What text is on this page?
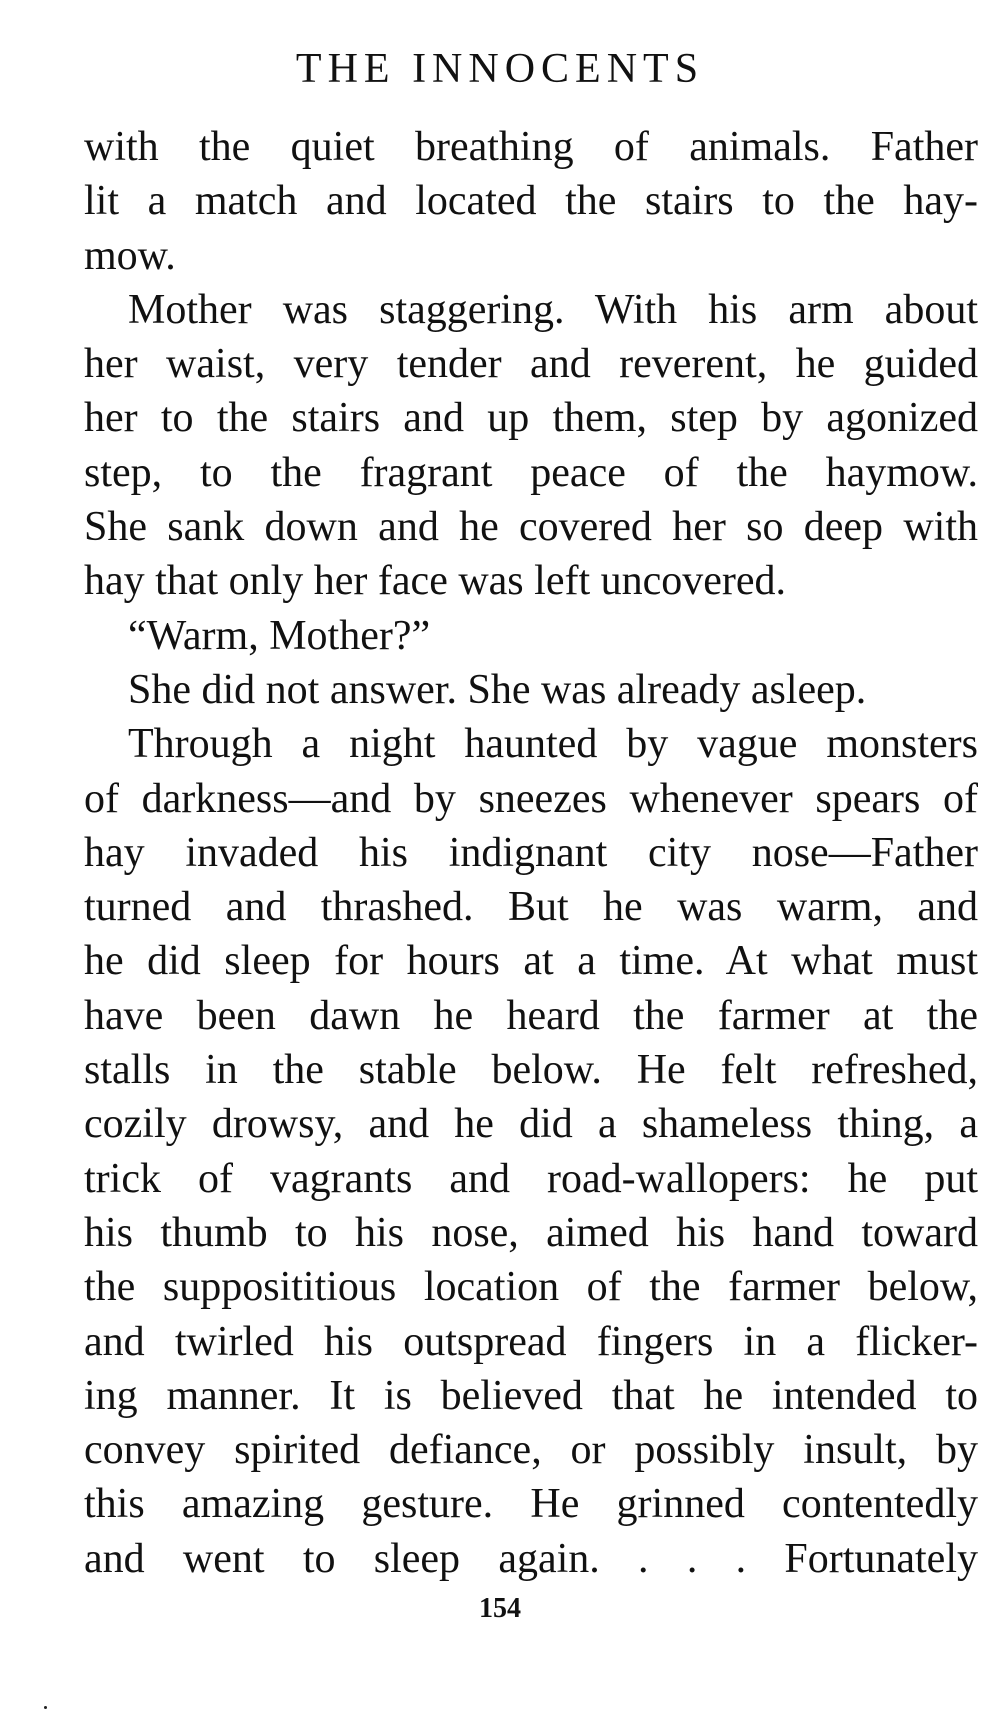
THE INNOCENTS

with the quiet breathing of animals. Father
lit a match and located the stairs to the hay-
mow.

Mother was staggering. With his arm about
her waist, very tender and reverent, he guided
her to the stairs and up them, step by agonized
step, to the fragrant peace of the haymow.
She sank down and he covered her so deep with
hay that only her face was left uncovered.

“Warm, Mother?”

She did not answer. She was already asleep.

Through a night haunted by vague monsters
of darkness—and by sneezes whenever spears of
hay invaded his indignant city nose—Father
turned and thrashed. But he was warm, and
he did sleep for hours at a time. At what must
have been dawn he heard the farmer at the
stalls in the stable below. He felt refreshed,
cozily drowsy, and he did a shameless thing, a
trick of vagrants and road-wallopers: he put
his thumb to his nose, aimed his hand toward
the supposititious location of the farmer below,
and twirled his outspread fingers in a flicker-
ing manner. It is believed that he intended to
convey spirited defiance, or possibly insult, by
this amazing gesture. He grinned contentedly
and went to sleep again. . . . Fortunately

154
